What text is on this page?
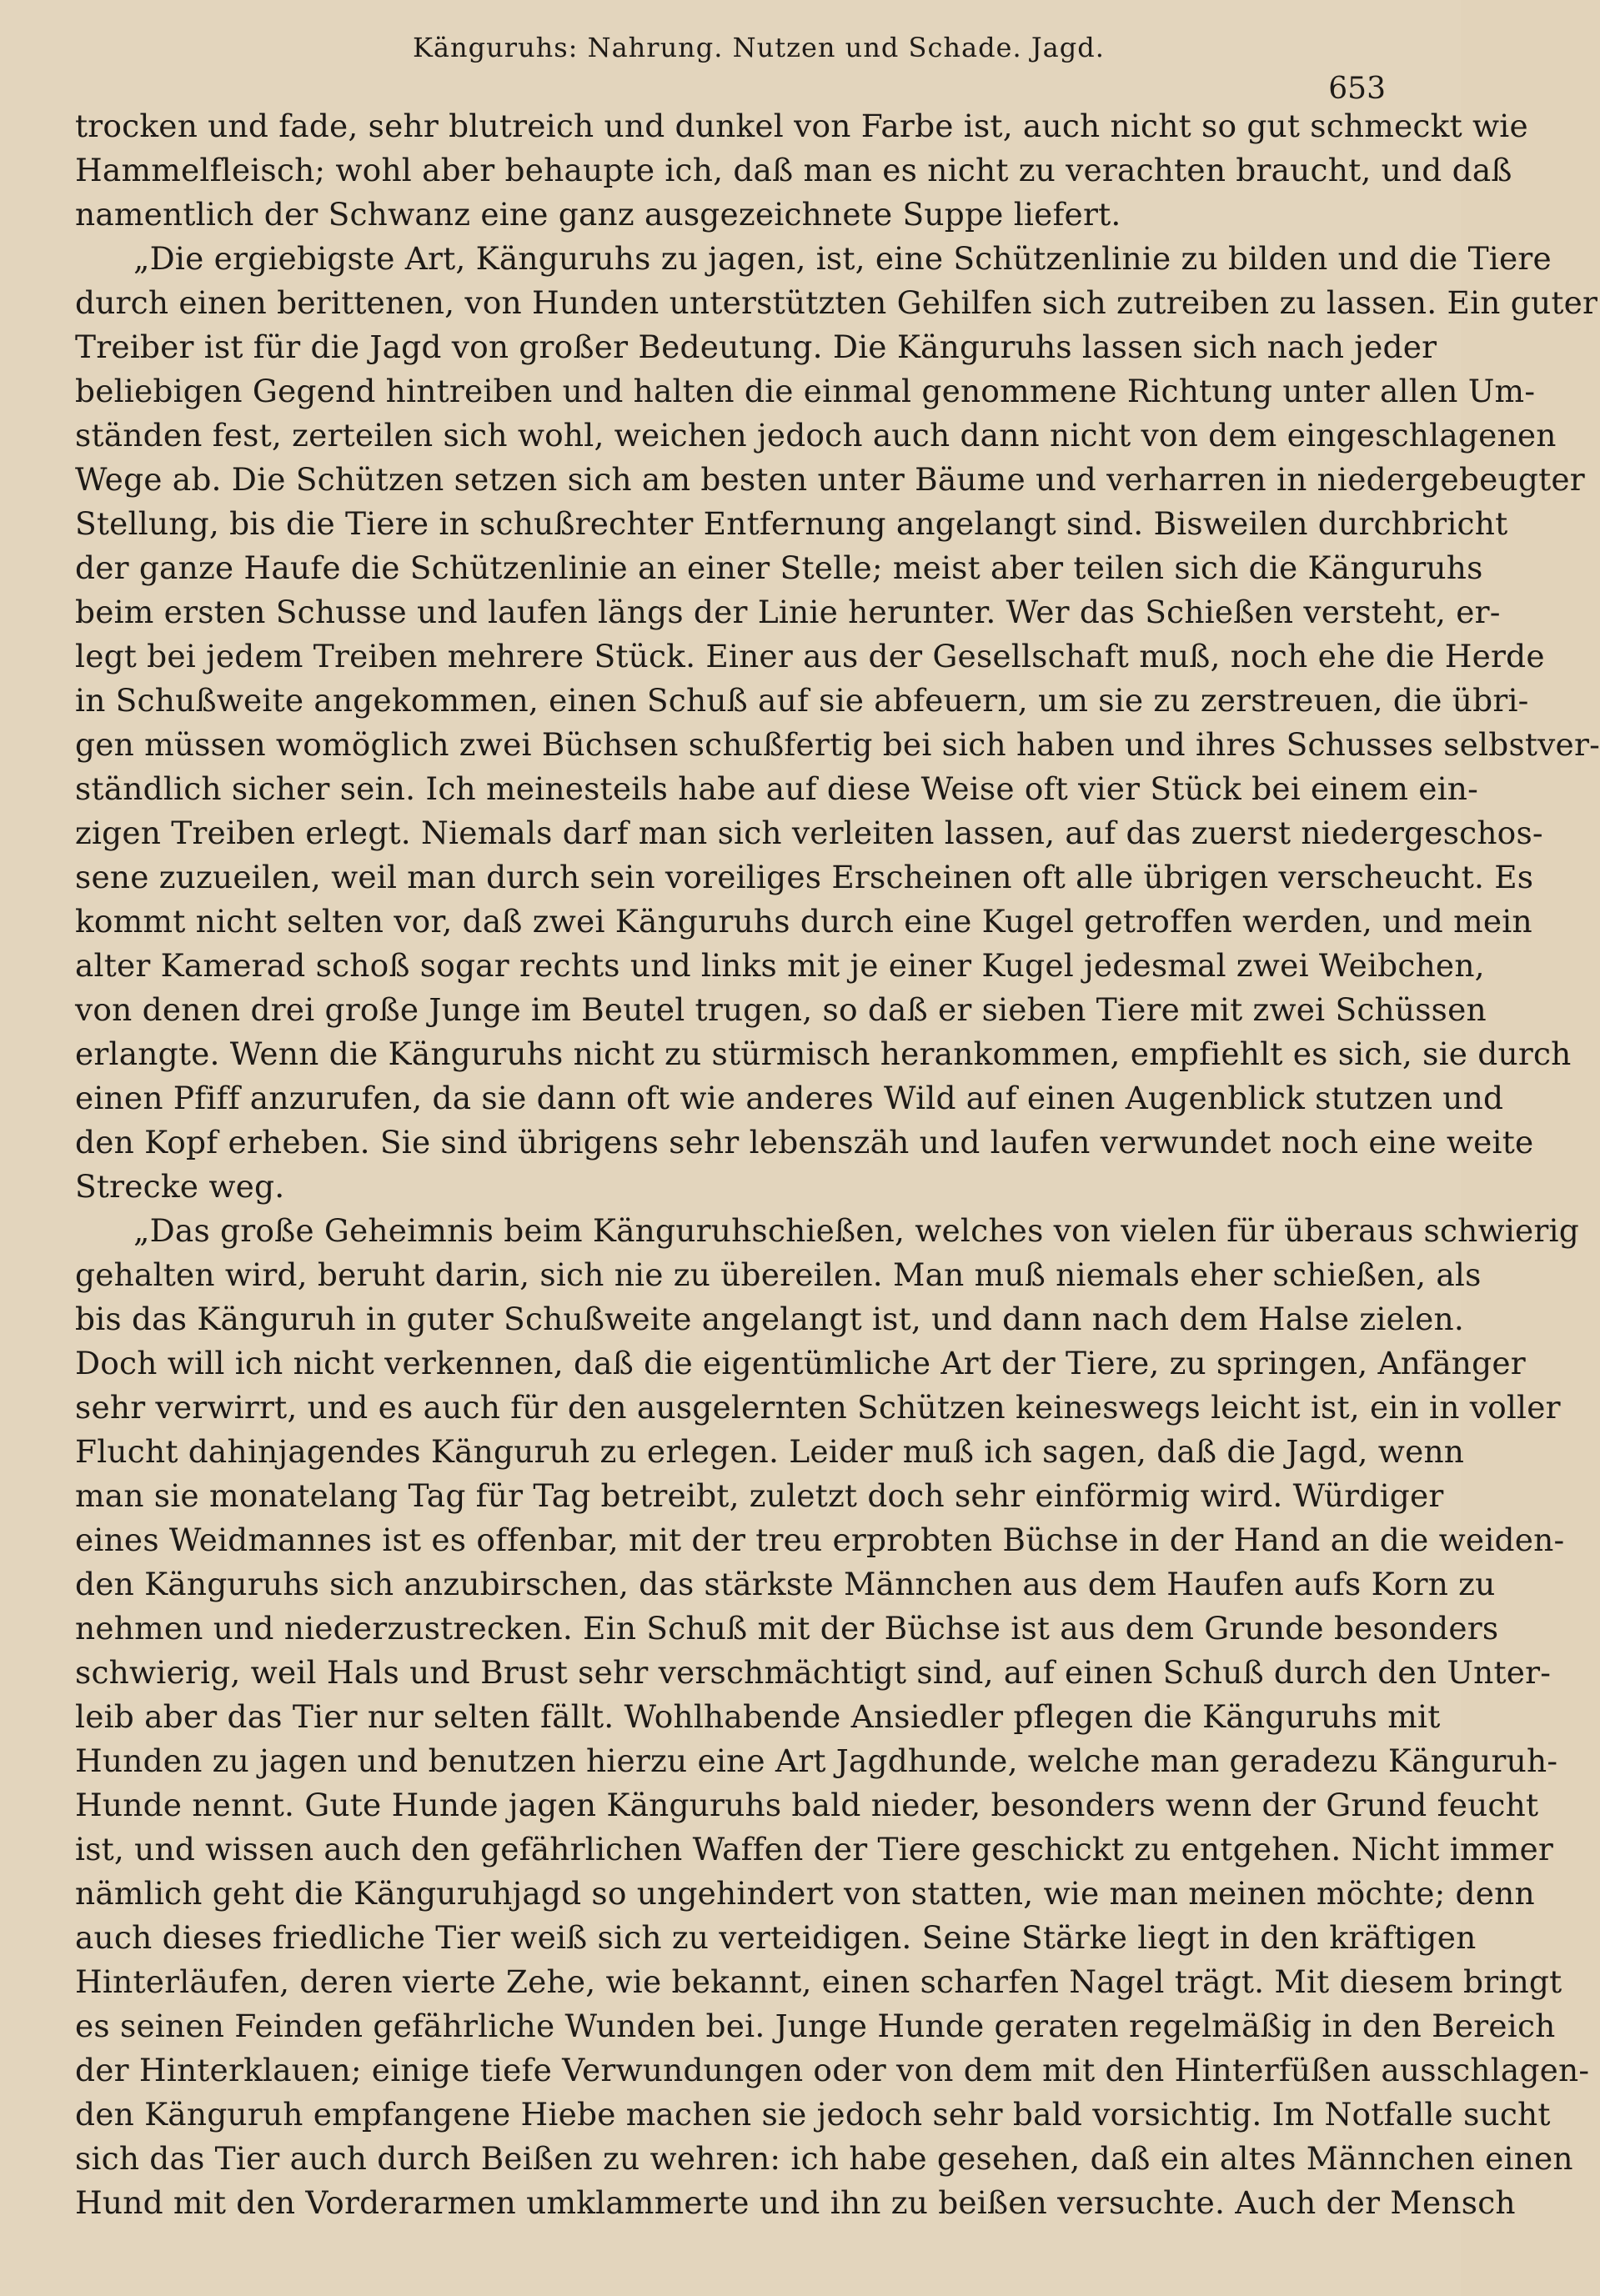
Känguruhs: Nahrung. Nutzen und Schade. Jagd.
653
trocken und fade, sehr blutreich und dunkel von Farbe ist, auch nicht so gut schmeckt wie
Hammelfleisch; wohl aber behaupte ich, daß man es nicht zu verachten braucht, und daß
namentlich der Schwanz eine ganz ausgezeichnete Suppe liefert.
„Die ergiebigste Art, Känguruhs zu jagen, ist, eine Schützenlinie zu bilden und die Tiere
durch einen berittenen, von Hunden unterstützten Gehilfen sich zutreiben zu lassen. Ein guter
Treiber ist für die Jagd von großer Bedeutung. Die Känguruhs lassen sich nach jeder
beliebigen Gegend hintreiben und halten die einmal genommene Richtung unter allen Um-
ständen fest, zerteilen sich wohl, weichen jedoch auch dann nicht von dem eingeschlagenen
Wege ab. Die Schützen setzen sich am besten unter Bäume und verharren in niedergebeugter
Stellung, bis die Tiere in schußrechter Entfernung angelangt sind. Bisweilen durchbricht
der ganze Haufe die Schützenlinie an einer Stelle; meist aber teilen sich die Känguruhs
beim ersten Schusse und laufen längs der Linie herunter. Wer das Schießen versteht, er-
legt bei jedem Treiben mehrere Stück. Einer aus der Gesellschaft muß, noch ehe die Herde
in Schußweite angekommen, einen Schuß auf sie abfeuern, um sie zu zerstreuen, die übri-
gen müssen womöglich zwei Büchsen schußfertig bei sich haben und ihres Schusses selbstver-
ständlich sicher sein. Ich meinesteils habe auf diese Weise oft vier Stück bei einem ein-
zigen Treiben erlegt. Niemals darf man sich verleiten lassen, auf das zuerst niedergeschos-
sene zuzueilen, weil man durch sein voreiliges Erscheinen oft alle übrigen verscheucht. Es
kommt nicht selten vor, daß zwei Känguruhs durch eine Kugel getroffen werden, und mein
alter Kamerad schoß sogar rechts und links mit je einer Kugel jedesmal zwei Weibchen,
von denen drei große Junge im Beutel trugen, so daß er sieben Tiere mit zwei Schüssen
erlangte. Wenn die Känguruhs nicht zu stürmisch herankommen, empfiehlt es sich, sie durch
einen Pfiff anzurufen, da sie dann oft wie anderes Wild auf einen Augenblick stutzen und
den Kopf erheben. Sie sind übrigens sehr lebenszäh und laufen verwundet noch eine weite
Strecke weg.
„Das große Geheimnis beim Känguruhschießen, welches von vielen für überaus schwierig
gehalten wird, beruht darin, sich nie zu übereilen. Man muß niemals eher schießen, als
bis das Känguruh in guter Schußweite angelangt ist, und dann nach dem Halse zielen.
Doch will ich nicht verkennen, daß die eigentümliche Art der Tiere, zu springen, Anfänger
sehr verwirrt, und es auch für den ausgelernten Schützen keineswegs leicht ist, ein in voller
Flucht dahinjagendes Känguruh zu erlegen. Leider muß ich sagen, daß die Jagd, wenn
man sie monatelang Tag für Tag betreibt, zuletzt doch sehr einförmig wird. Würdiger
eines Weidmannes ist es offenbar, mit der treu erprobten Büchse in der Hand an die weiden-
den Känguruhs sich anzubirschen, das stärkste Männchen aus dem Haufen aufs Korn zu
nehmen und niederzustrecken. Ein Schuß mit der Büchse ist aus dem Grunde besonders
schwierig, weil Hals und Brust sehr verschmächtigt sind, auf einen Schuß durch den Unter-
leib aber das Tier nur selten fällt. Wohlhabende Ansiedler pflegen die Känguruhs mit
Hunden zu jagen und benutzen hierzu eine Art Jagdhunde, welche man geradezu Känguruh-
Hunde nennt. Gute Hunde jagen Känguruhs bald nieder, besonders wenn der Grund feucht
ist, und wissen auch den gefährlichen Waffen der Tiere geschickt zu entgehen. Nicht immer
nämlich geht die Känguruhjagd so ungehindert von statten, wie man meinen möchte; denn
auch dieses friedliche Tier weiß sich zu verteidigen. Seine Stärke liegt in den kräftigen
Hinterläufen, deren vierte Zehe, wie bekannt, einen scharfen Nagel trägt. Mit diesem bringt
es seinen Feinden gefährliche Wunden bei. Junge Hunde geraten regelmäßig in den Bereich
der Hinterklauen; einige tiefe Verwundungen oder von dem mit den Hinterfüßen ausschlagen-
den Känguruh empfangene Hiebe machen sie jedoch sehr bald vorsichtig. Im Notfalle sucht
sich das Tier auch durch Beißen zu wehren: ich habe gesehen, daß ein altes Männchen einen
Hund mit den Vorderarmen umklammerte und ihn zu beißen versuchte. Auch der Mensch
